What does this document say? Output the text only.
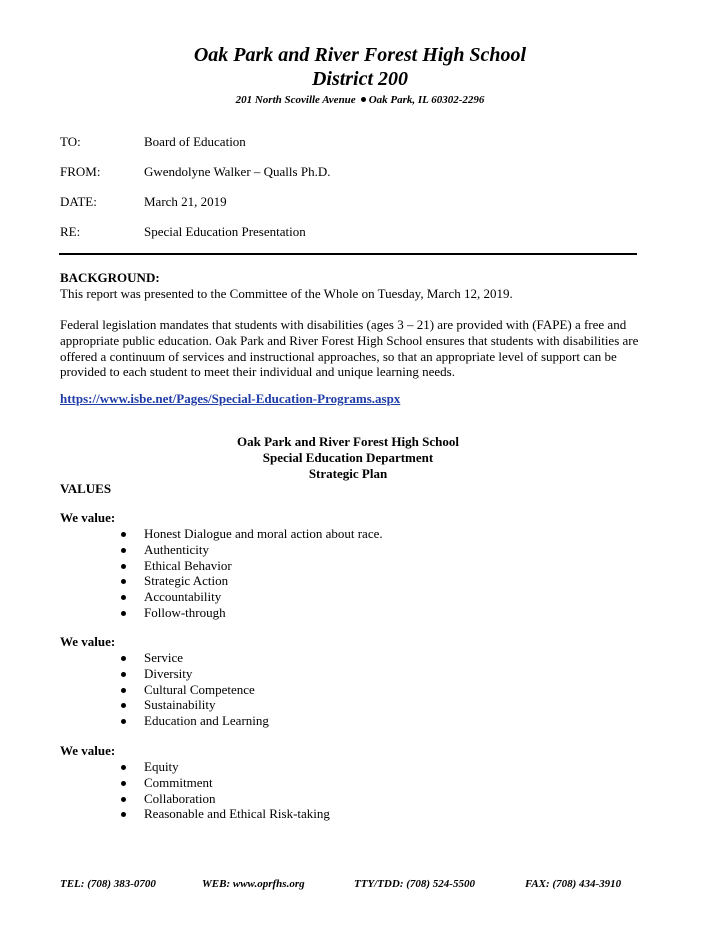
Oak Park and River Forest High School
District 200
201 North Scoville Avenue Oak Park, IL 60302-2296
TO:	Board of Education
FROM:	Gwendolyne Walker – Qualls Ph.D.
DATE:	March 21, 2019
RE:	Special Education Presentation
BACKGROUND:
This report was presented to the Committee of the Whole on Tuesday, March 12, 2019.
Federal legislation mandates that students with disabilities (ages 3 – 21) are provided with (FAPE) a free and appropriate public education. Oak Park and River Forest High School ensures that students with disabilities are offered a continuum of services and instructional approaches, so that an appropriate level of support can be provided to each student to meet their individual and unique learning needs.
https://www.isbe.net/Pages/Special-Education-Programs.aspx
Oak Park and River Forest High School
Special Education Department
Strategic Plan
VALUES
We value:
Honest Dialogue and moral action about race.
Authenticity
Ethical Behavior
Strategic Action
Accountability
Follow-through
We value:
Service
Diversity
Cultural Competence
Sustainability
Education and Learning
We value:
Equity
Commitment
Collaboration
Reasonable and Ethical Risk-taking
TEL: (708) 383-0700	WEB: www.oprfhs.org	TTY/TDD: (708) 524-5500	FAX: (708) 434-3910
